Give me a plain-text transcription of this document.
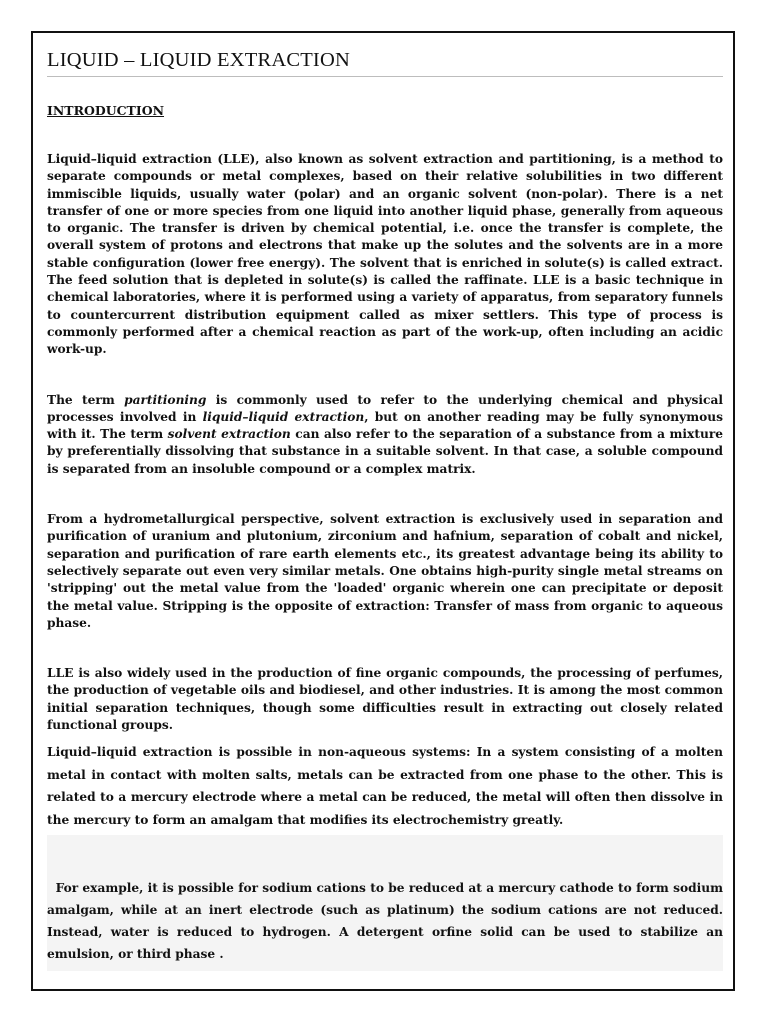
LIQUID – LIQUID EXTRACTION
INTRODUCTION

Liquid–liquid extraction (LLE), also known as solvent extraction and partitioning, is a method to separate compounds or metal complexes, based on their relative solubilities in two different immiscible liquids, usually water (polar) and an organic solvent (non-polar). There is a net transfer of one or more species from one liquid into another liquid phase, generally from aqueous to organic. The transfer is driven by chemical potential, i.e. once the transfer is complete, the overall system of protons and electrons that make up the solutes and the solvents are in a more stable configuration (lower free energy). The solvent that is enriched in solute(s) is called extract. The feed solution that is depleted in solute(s) is called the raffinate. LLE is a basic technique in chemical laboratories, where it is performed using a variety of apparatus, from separatory funnels to countercurrent distribution equipment called as mixer settlers. This type of process is commonly performed after a chemical reaction as part of the work-up, often including an acidic work-up.

The term partitioning is commonly used to refer to the underlying chemical and physical processes involved in liquid–liquid extraction, but on another reading may be fully synonymous with it. The term solvent extraction can also refer to the separation of a substance from a mixture by preferentially dissolving that substance in a suitable solvent. In that case, a soluble compound is separated from an insoluble compound or a complex matrix.

From a hydrometallurgical perspective, solvent extraction is exclusively used in separation and purification of uranium and plutonium, zirconium and hafnium, separation of cobalt and nickel, separation and purification of rare earth elements etc., its greatest advantage being its ability to selectively separate out even very similar metals. One obtains high-purity single metal streams on 'stripping' out the metal value from the 'loaded' organic wherein one can precipitate or deposit the metal value. Stripping is the opposite of extraction: Transfer of mass from organic to aqueous phase.

LLE is also widely used in the production of fine organic compounds, the processing of perfumes, the production of vegetable oils and biodiesel, and other industries. It is among the most common initial separation techniques, though some difficulties result in extracting out closely related functional groups.

Liquid–liquid extraction is possible in non-aqueous systems: In a system consisting of a molten metal in contact with molten salts, metals can be extracted from one phase to the other. This is related to a mercury electrode where a metal can be reduced, the metal will often then dissolve in the mercury to form an amalgam that modifies its electrochemistry greatly.

For example, it is possible for sodium cations to be reduced at a mercury cathode to form sodium amalgam, while at an inert electrode (such as platinum) the sodium cations are not reduced. Instead, water is reduced to hydrogen. A detergent orfine solid can be used to stabilize an emulsion, or third phase .
